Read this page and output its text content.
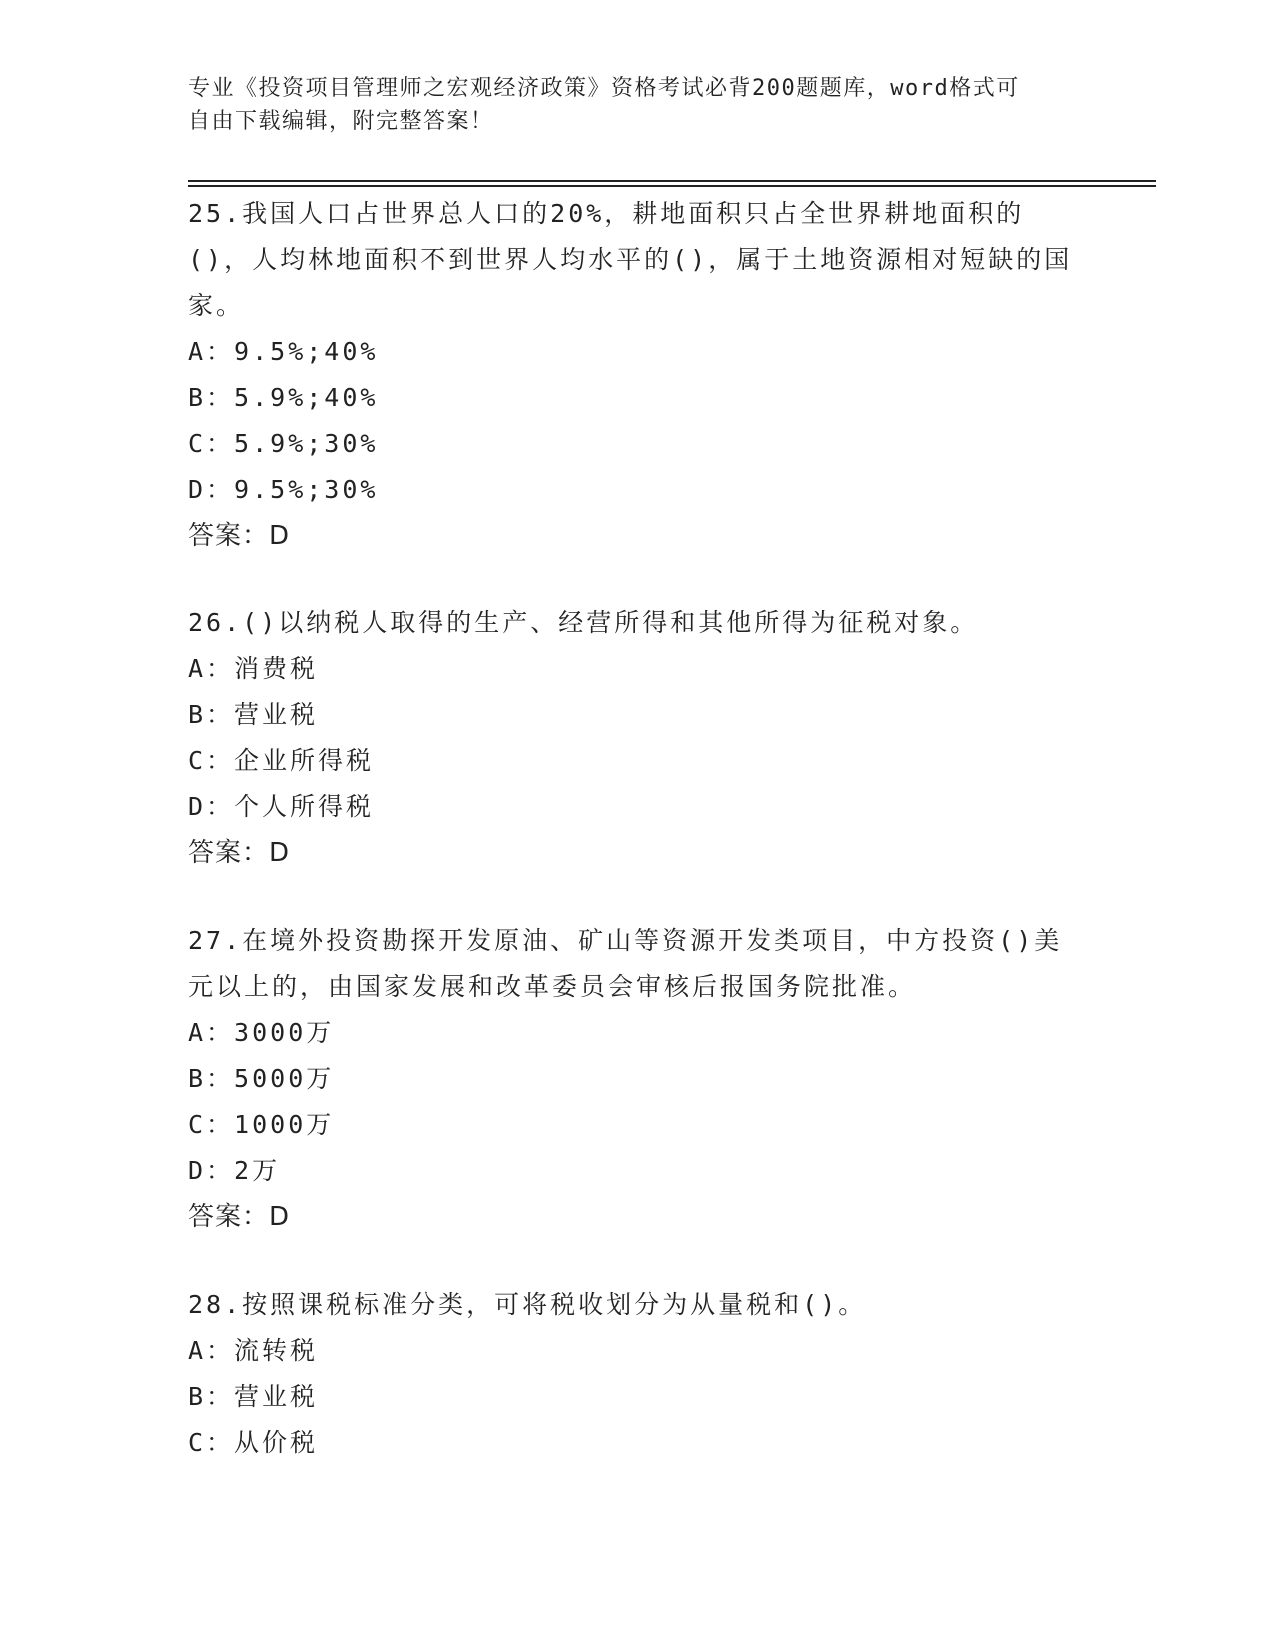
专业《投资项目管理师之宏观经济政策》资格考试必背200题题库，word格式可
自由下载编辑，附完整答案！

25.我国人口占世界总人口的20%，耕地面积只占全世界耕地面积的()，人均林地面积不到世界人均水平的()，属于土地资源相对短缺的国家。

A：9.5%;40%

B：5.9%;40%

C：5.9%;30%

D：9.5%;30%

答案：D

26.()以纳税人取得的生产、经营所得和其他所得为征税对象。

A：消费税

B：营业税

C：企业所得税

D：个人所得税

答案：D

27.在境外投资勘探开发原油、矿山等资源开发类项目，中方投资()美元以上的，由国家发展和改革委员会审核后报国务院批准。

A：3000万

B：5000万

C：1000万

D：2万

答案：D

28.按照课税标准分类，可将税收划分为从量税和()。

A：流转税

B：营业税

C：从价税
